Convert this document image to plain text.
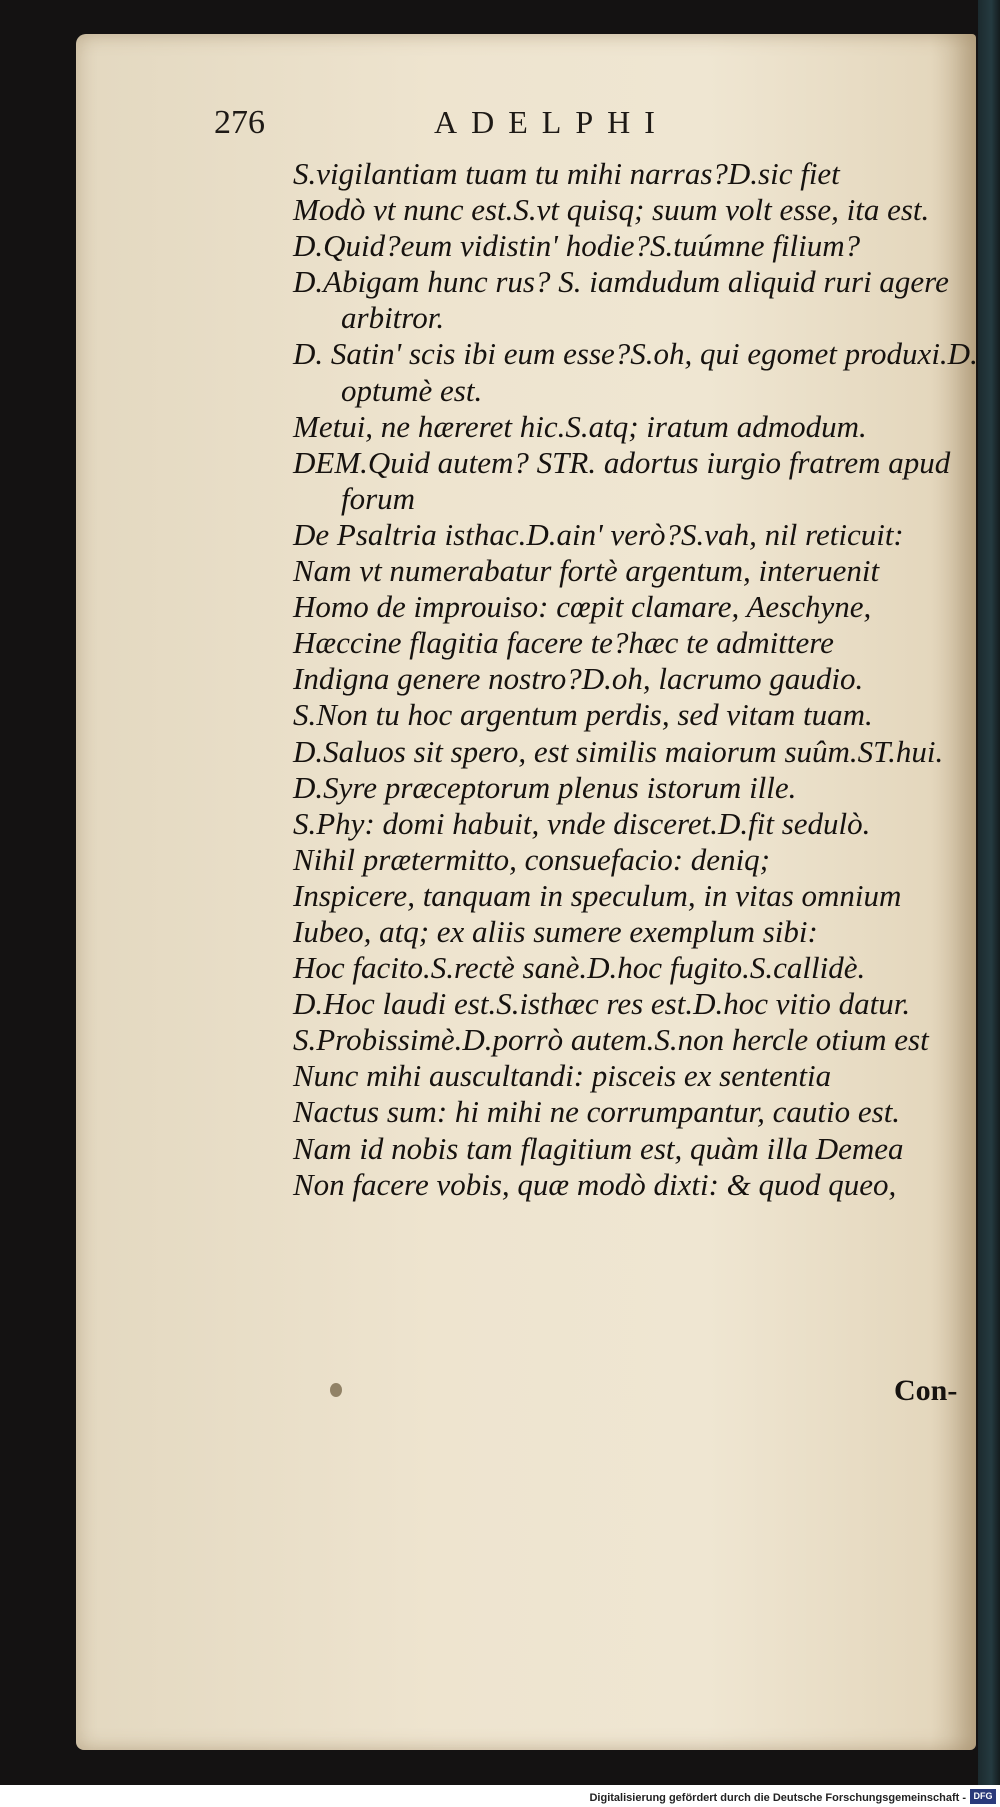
276	ADELPHI
S.vigilantiam tuam tu mihi narras?D.sic fiet
Modò vt nunc est.S.vt quisq; suum volt esse, ita est.
D.Quid?eum vidistin' hodie?S.tuúmne filium?
D.Abigam hunc rus? S. iamdudum aliquid ruri agere
arbitror.
D. Satin' scis ibi eum esse?S.oh, qui egomet produxi.D.
optumè est.
Metui, ne hæreret hic.S.atq; iratum admodum.
DEM.Quid autem? STR. adortus iurgio fratrem apud
forum
De Psaltria isthac.D.ain' verò?S.vah, nil reticuit:
Nam vt numerabatur fortè argentum, interuenit
Homo de improuiso: cœpit clamare, Aeschyne,
Hæccine flagitia facere te?hæc te admittere
Indigna genere nostro?D.oh, lacrumo gaudio.
S.Non tu hoc argentum perdis, sed vitam tuam.
D.Saluos sit spero, est similis maiorum suûm.ST.hui.
D.Syre præceptorum plenus istorum ille.
S.Phy: domi habuit, vnde disceret.D.fit sedulò.
Nihil prætermitto, consuefacio: deniq;
Inspicere, tanquam in speculum, in vitas omnium
Iubeo, atq; ex aliis sumere exemplum sibi:
Hoc facito.S.rectè sanè.D.hoc fugito.S.callidè.
D.Hoc laudi est.S.isthæc res est.D.hoc vitio datur.
S.Probissimè.D.porrò autem.S.non hercle otium est
Nunc mihi auscultandi: pisceis ex sententia
Nactus sum: hi mihi ne corrumpantur, cautio est.
Nam id nobis tam flagitium est, quàm illa Demea
Non facere vobis, quæ modò dixti: & quod queo,
Con-
Digitalisierung gefördert durch die Deutsche Forschungsgemeinschaft - DFG
